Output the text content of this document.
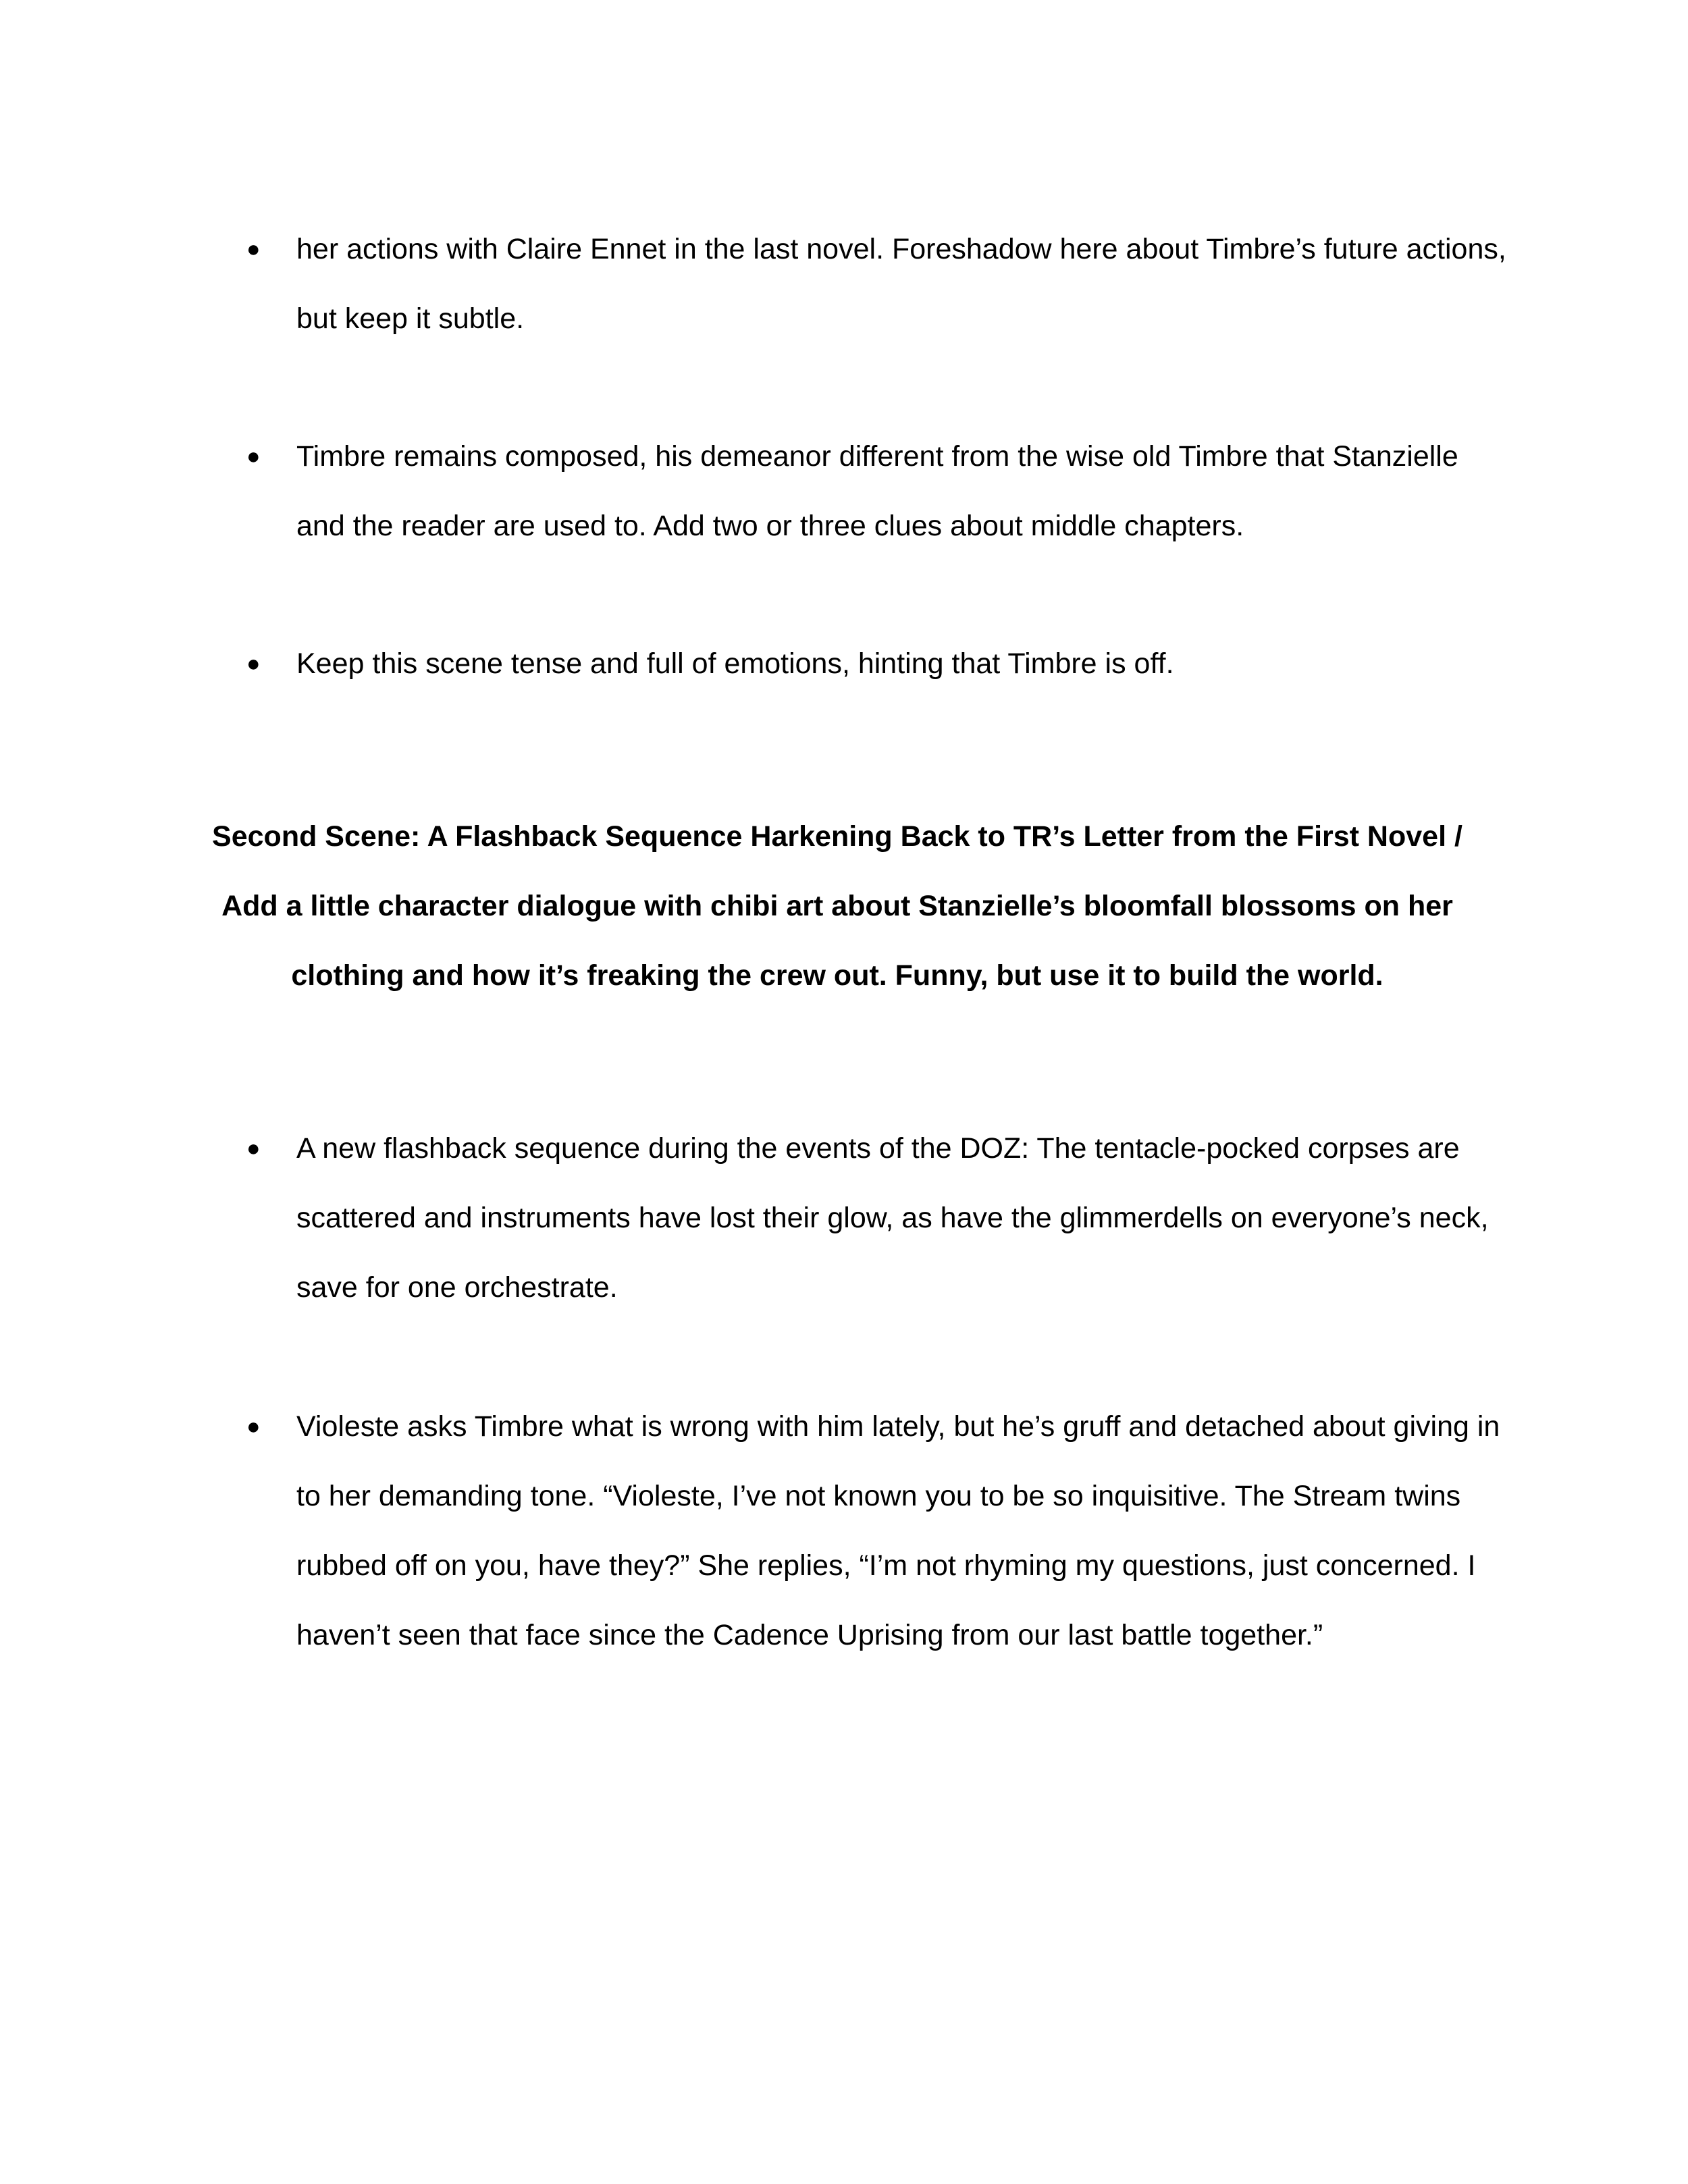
●	her actions with Claire Ennet in the last novel. Foreshadow here about Timbre’s future actions, but keep it subtle.
●	Timbre remains composed, his demeanor different from the wise old Timbre that Stanzielle and the reader are used to. Add two or three clues about middle chapters.
●	Keep this scene tense and full of emotions, hinting that Timbre is off.
Second Scene: A Flashback Sequence Harkening Back to TR’s Letter from the First Novel / Add a little character dialogue with chibi art about Stanzielle’s bloomfall blossoms on her clothing and how it’s freaking the crew out. Funny, but use it to build the world.
●	A new flashback sequence during the events of the DOZ: The tentacle-pocked corpses are scattered and instruments have lost their glow, as have the glimmerdells on everyone’s neck, save for one orchestrate.
●	Violeste asks Timbre what is wrong with him lately, but he’s gruff and detached about giving in to her demanding tone. “Violeste, I’ve not known you to be so inquisitive. The Stream twins rubbed off on you, have they?” She replies, “I’m not rhyming my questions, just concerned. I haven’t seen that face since the Cadence Uprising from our last battle together.”
